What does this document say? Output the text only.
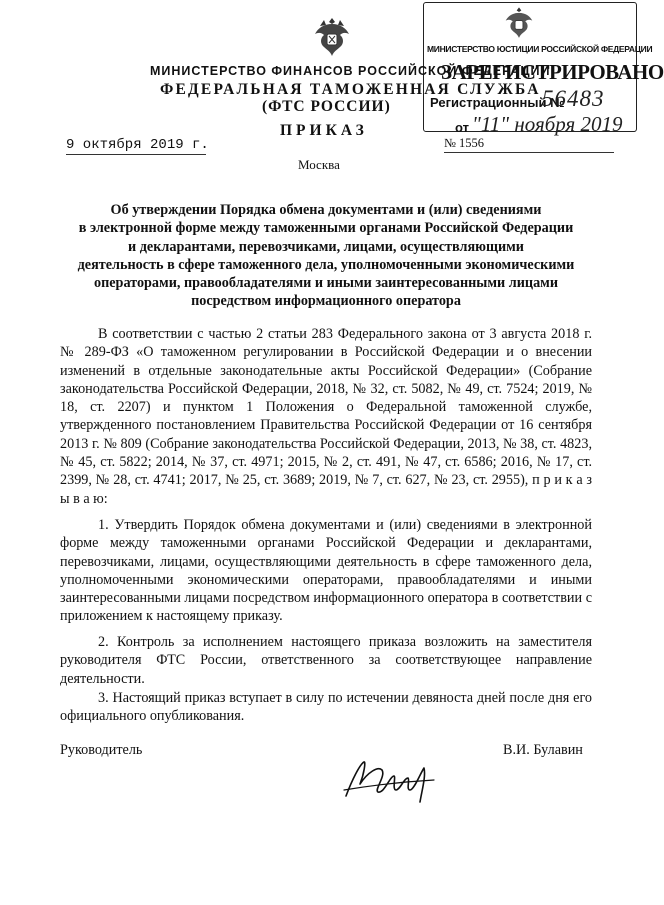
МИНИСТЕРСТВО ЮСТИЦИИ РОССИЙСКОЙ ФЕДЕРАЦИИ
ЗАРЕГИСТРИРОВАНО
Регистрационный №
56483
от "11" ноября 2019
МИНИСТЕРСТВО ФИНАНСОВ РОССИЙСКОЙ ФЕДЕРАЦИИ
ФЕДЕРАЛЬНАЯ ТАМОЖЕННАЯ СЛУЖБА
(ФТС РОССИИ)
ПРИКАЗ
9 октября 2019 г.	№ 1556
Москва
Об утверждении Порядка обмена документами и (или) сведениями
в электронной форме между таможенными органами Российской Федерации
и декларантами, перевозчиками, лицами, осуществляющими
деятельность в сфере таможенного дела, уполномоченными экономическими
операторами, правообладателями и иными заинтересованными лицами
посредством информационного оператора

В соответствии с частью 2 статьи 283 Федерального закона от 3 августа 2018 г. № 289-ФЗ «О таможенном регулировании в Российской Федерации и о внесении изменений в отдельные законодательные акты Российской Федерации» (Собрание законодательства Российской Федерации, 2018, № 32, ст. 5082, № 49, ст. 7524; 2019, № 18, ст. 2207) и пунктом 1 Положения о Федеральной таможенной службе, утвержденного постановлением Правительства Российской Федерации от 16 сентября 2013 г. № 809 (Собрание законодательства Российской Федерации, 2013, № 38, ст. 4823, № 45, ст. 5822; 2014, № 37, ст. 4971; 2015, № 2, ст. 491, № 47, ст. 6586; 2016, № 17, ст. 2399, № 28, ст. 4741; 2017, № 25, ст. 3689; 2019, № 7, ст. 627, № 23, ст. 2955), п р и к а з ы в а ю:

1. Утвердить Порядок обмена документами и (или) сведениями в электронной форме между таможенными органами Российской Федерации и декларантами, перевозчиками, лицами, осуществляющими деятельность в сфере таможенного дела, уполномоченными экономическими операторами, правообладателями и иными заинтересованными лицами посредством информационного оператора в соответствии с приложением к настоящему приказу.

2. Контроль за исполнением настоящего приказа возложить на заместителя руководителя ФТС России, ответственного за соответствующее направление деятельности.

3. Настоящий приказ вступает в силу по истечении девяноста дней после дня его официального опубликования.

Руководитель	В.И. Булавин
